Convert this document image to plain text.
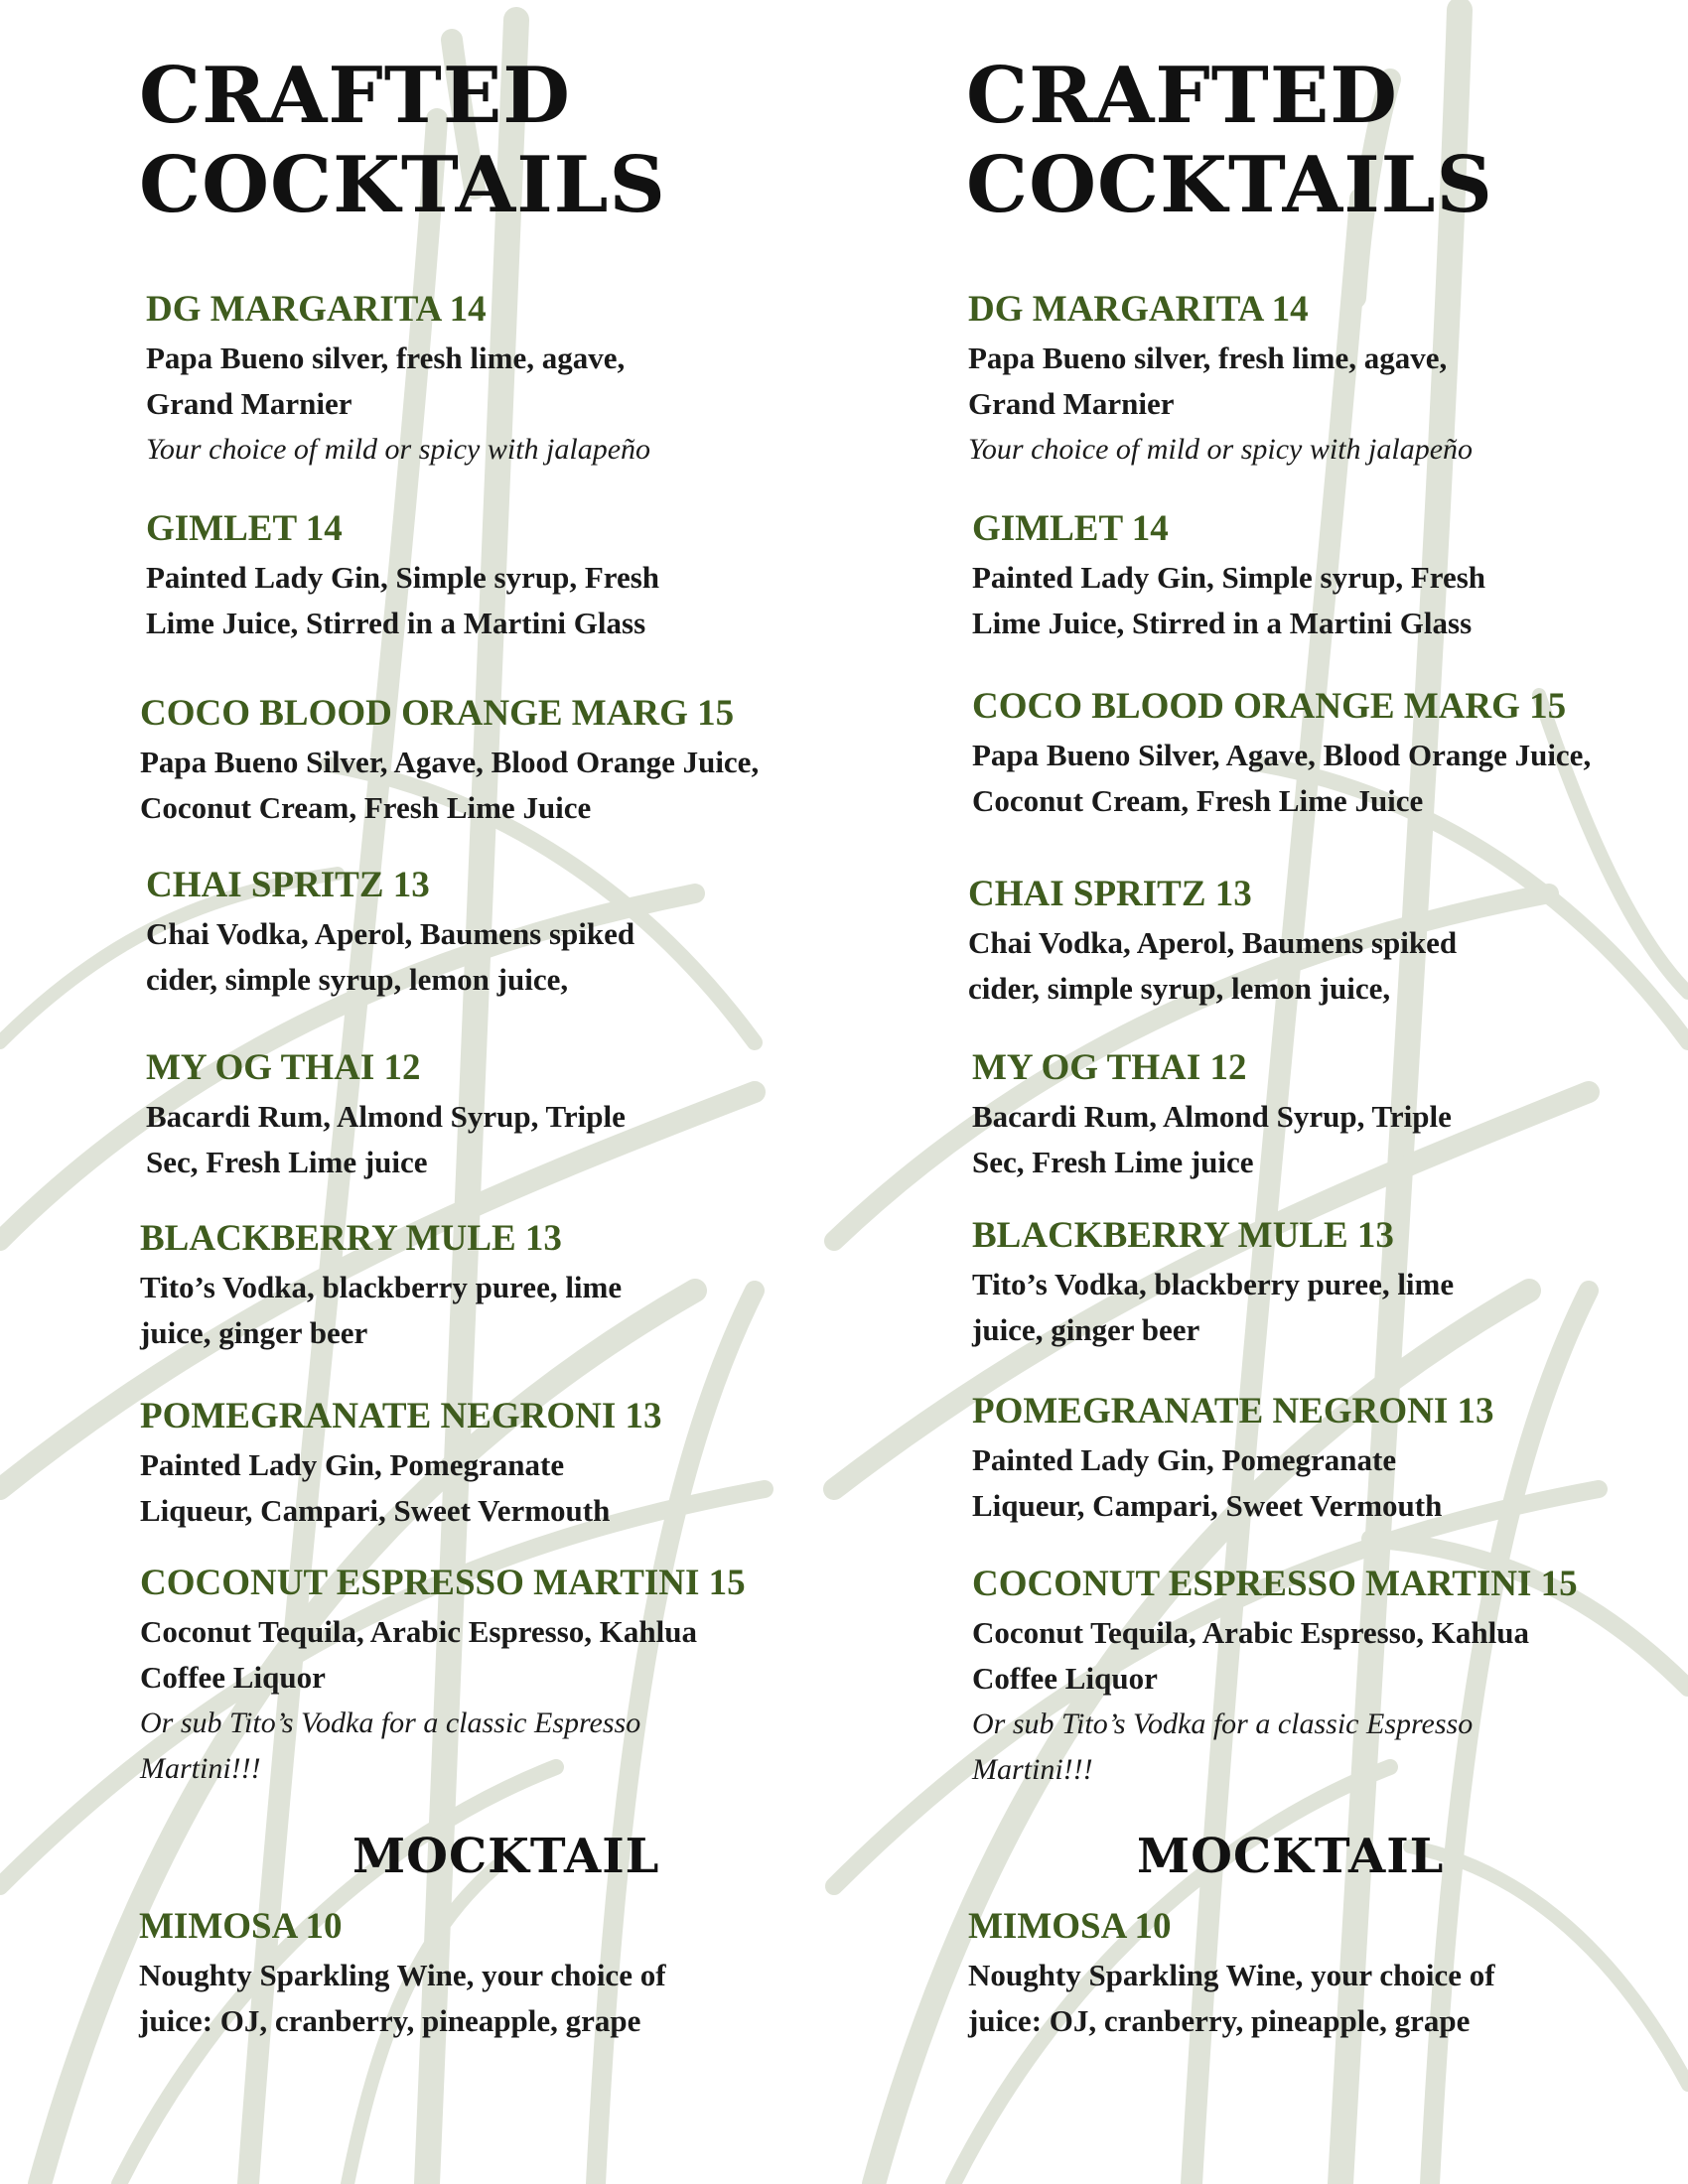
CRAFTED
COCKTAILS
DG MARGARITA 14
Papa Bueno silver, fresh lime, agave,
Grand Marnier
Your choice of mild or spicy with jalapeño
GIMLET 14
Painted Lady Gin, Simple syrup, Fresh
Lime Juice, Stirred in a Martini Glass
COCO BLOOD ORANGE MARG 15
Papa Bueno Silver, Agave, Blood Orange Juice,
Coconut Cream, Fresh Lime Juice
CHAI SPRITZ 13
Chai Vodka, Aperol, Baumens spiked
cider, simple syrup, lemon juice,
MY OG THAI 12
Bacardi Rum, Almond Syrup, Triple
Sec, Fresh Lime juice
BLACKBERRY MULE 13
Tito’s Vodka, blackberry puree, lime
juice, ginger beer
POMEGRANATE NEGRONI 13
Painted Lady Gin, Pomegranate
Liqueur, Campari, Sweet Vermouth
COCONUT ESPRESSO MARTINI 15
Coconut Tequila, Arabic Espresso, Kahlua
Coffee Liquor
Or sub Tito’s Vodka for a classic Espresso
Martini!!!
MOCKTAIL
MIMOSA 10
Noughty Sparkling Wine, your choice of
juice: OJ, cranberry, pineapple, grape
CRAFTED
COCKTAILS
DG MARGARITA 14
Papa Bueno silver, fresh lime, agave,
Grand Marnier
Your choice of mild or spicy with jalapeño
GIMLET 14
Painted Lady Gin, Simple syrup, Fresh
Lime Juice, Stirred in a Martini Glass
COCO BLOOD ORANGE MARG 15
Papa Bueno Silver, Agave, Blood Orange Juice,
Coconut Cream, Fresh Lime Juice
CHAI SPRITZ 13
Chai Vodka, Aperol, Baumens spiked
cider, simple syrup, lemon juice,
MY OG THAI 12
Bacardi Rum, Almond Syrup, Triple
Sec, Fresh Lime juice
BLACKBERRY MULE 13
Tito’s Vodka, blackberry puree, lime
juice, ginger beer
POMEGRANATE NEGRONI 13
Painted Lady Gin, Pomegranate
Liqueur, Campari, Sweet Vermouth
COCONUT ESPRESSO MARTINI 15
Coconut Tequila, Arabic Espresso, Kahlua
Coffee Liquor
Or sub Tito’s Vodka for a classic Espresso
Martini!!!
MOCKTAIL
MIMOSA 10
Noughty Sparkling Wine, your choice of
juice: OJ, cranberry, pineapple, grape
